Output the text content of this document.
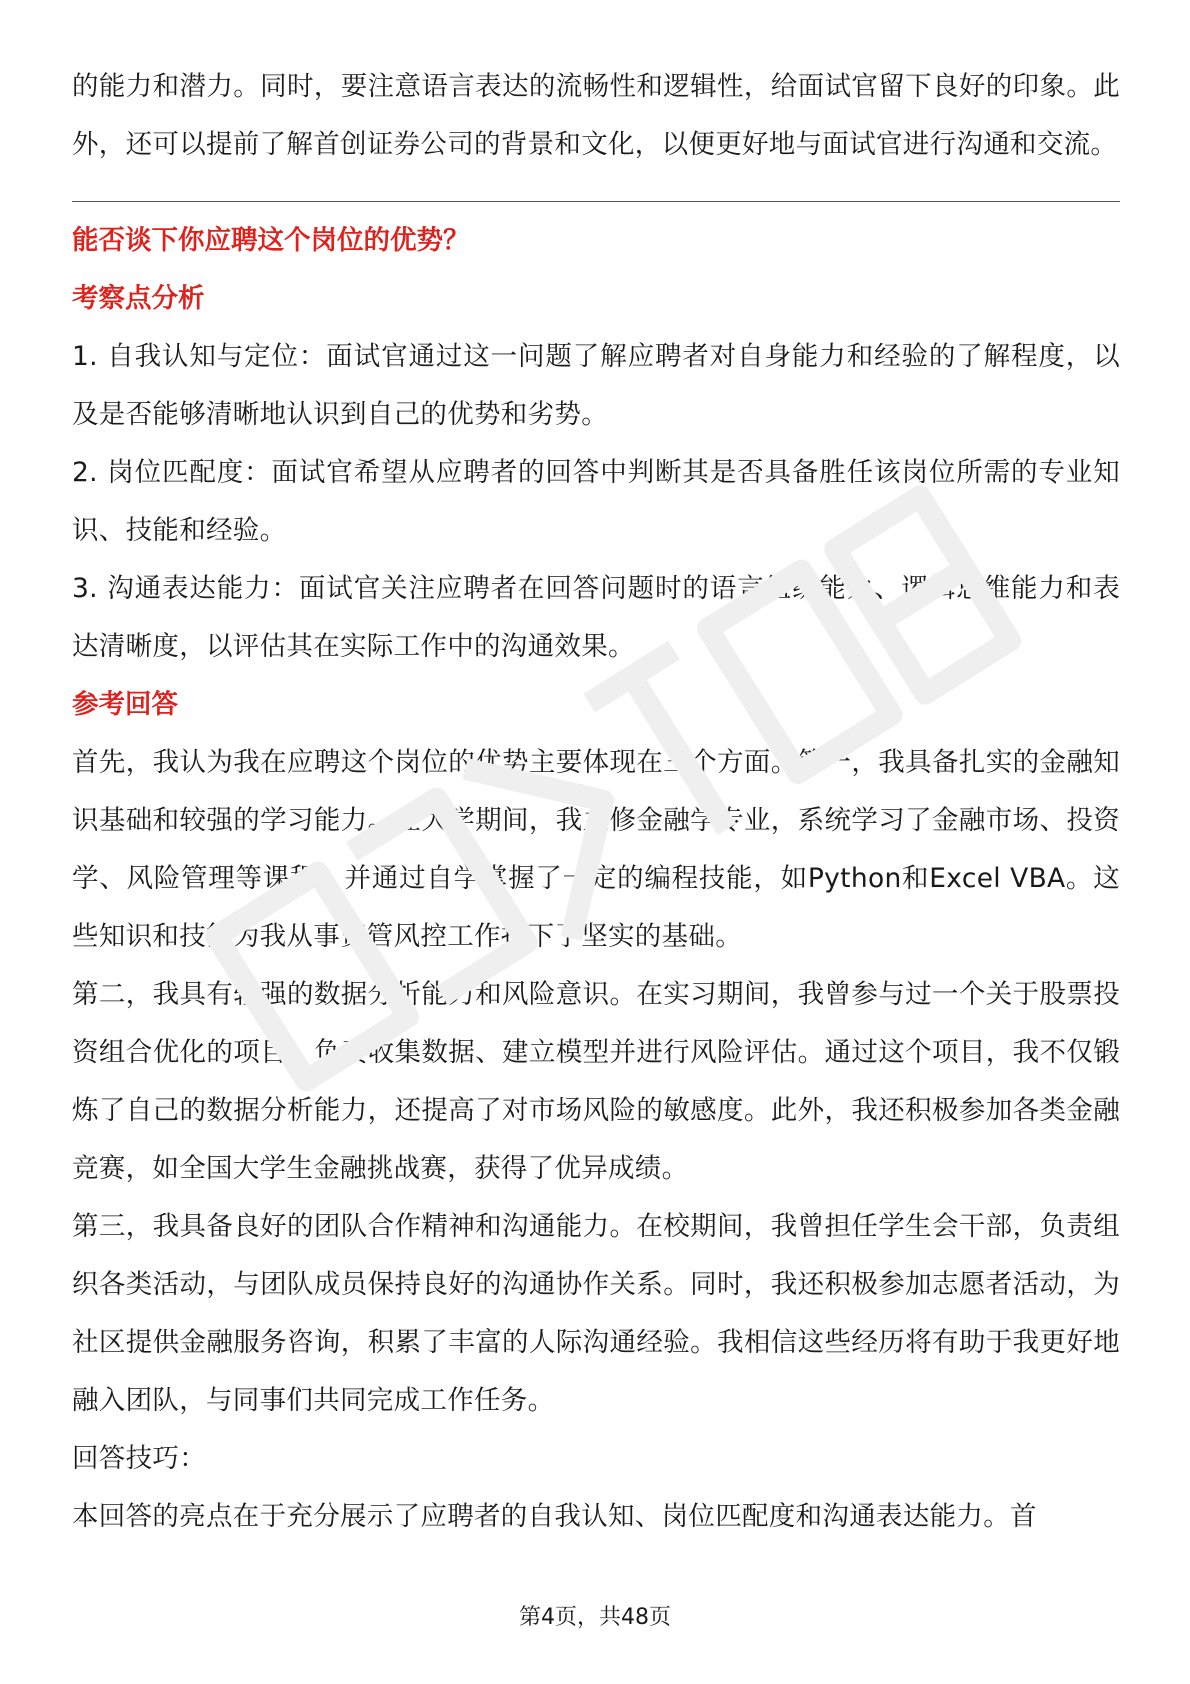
的能力和潜力。同时，要注意语言表达的流畅性和逻辑性，给面试官留下良好的印象。此外，还可以提前了解首创证券公司的背景和文化，以便更好地与面试官进行沟通和交流。

能否谈下你应聘这个岗位的优势？

考察点分析

1. 自我认知与定位：面试官通过这一问题了解应聘者对自身能力和经验的了解程度，以及是否能够清晰地认识到自己的优势和劣势。

2. 岗位匹配度：面试官希望从应聘者的回答中判断其是否具备胜任该岗位所需的专业知识、技能和经验。

3. 沟通表达能力：面试官关注应聘者在回答问题时的语言组织能力、逻辑思维能力和表达清晰度，以评估其在实际工作中的沟通效果。

参考回答

首先，我认为我在应聘这个岗位的优势主要体现在三个方面。第一，我具备扎实的金融知识基础和较强的学习能力。在大学期间，我主修金融学专业，系统学习了金融市场、投资学、风险管理等课程，并通过自学掌握了一定的编程技能，如Python和Excel VBA。这些知识和技能为我从事资管风控工作打下了坚实的基础。

第二，我具有较强的数据分析能力和风险意识。在实习期间，我曾参与过一个关于股票投资组合优化的项目，负责收集数据、建立模型并进行风险评估。通过这个项目，我不仅锻炼了自己的数据分析能力，还提高了对市场风险的敏感度。此外，我还积极参加各类金融竞赛，如全国大学生金融挑战赛，获得了优异成绩。

第三，我具备良好的团队合作精神和沟通能力。在校期间，我曾担任学生会干部，负责组织各类活动，与团队成员保持良好的沟通协作关系。同时，我还积极参加志愿者活动，为社区提供金融服务咨询，积累了丰富的人际沟通经验。我相信这些经历将有助于我更好地融入团队，与同事们共同完成工作任务。

回答技巧：

本回答的亮点在于充分展示了应聘者的自我认知、岗位匹配度和沟通表达能力。首

第4页，共48页
